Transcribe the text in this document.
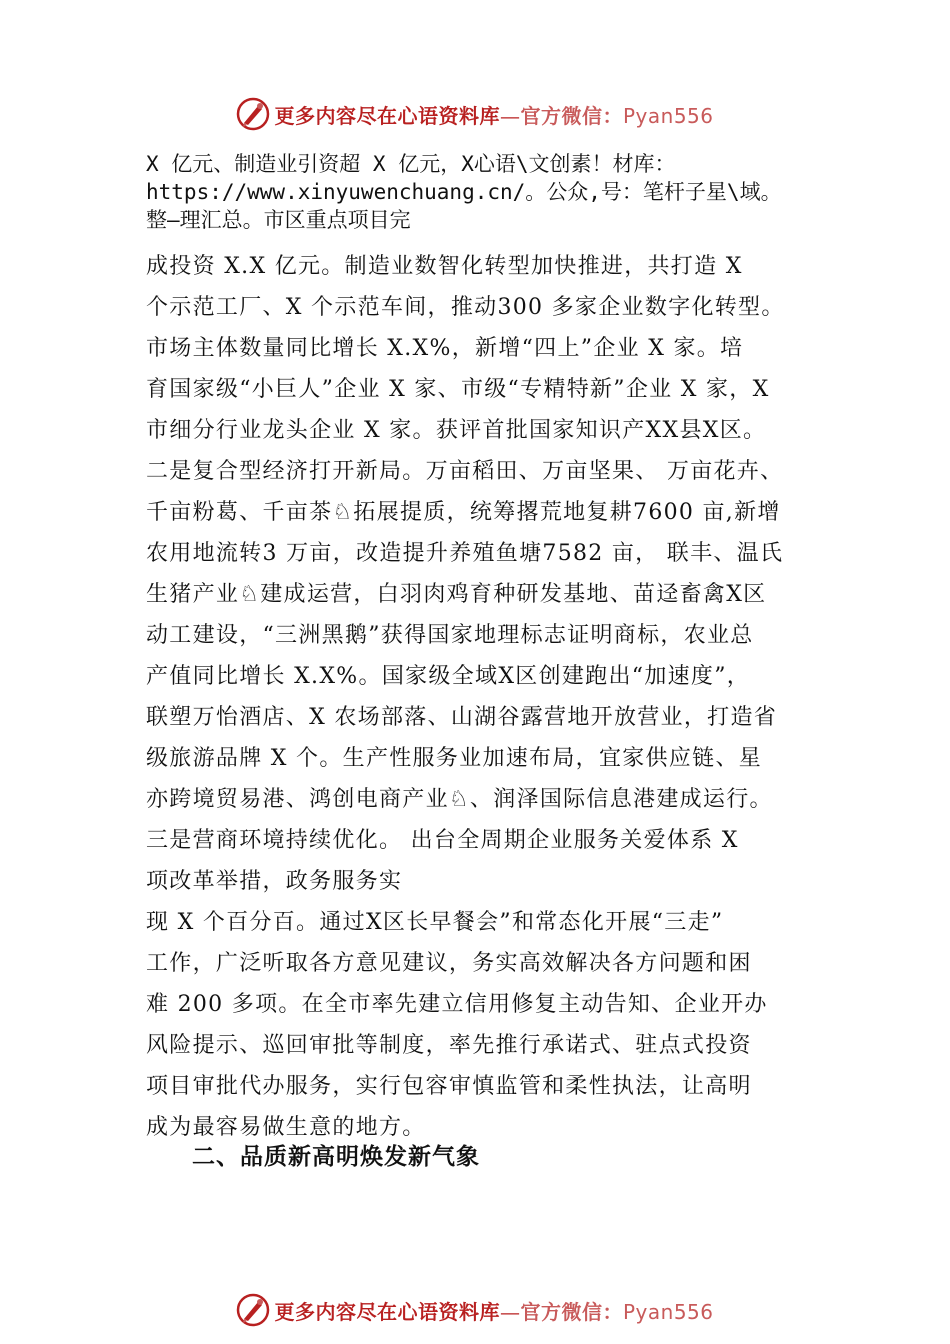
更多内容尽在心语资料库—官方微信：Pyan556
X 亿元、制造业引资超 X 亿元，X心语\文创素！材库：
https://www.xinyuwenchuang.cn/。公众,号：笔杆子星\域。
整—理汇总。市区重点项目完
成投资 X.X 亿元。制造业数智化转型加快推进，共打造 X
个示范工厂、X 个示范车间，推动300 多家企业数字化转型。
市场主体数量同比增长 X.X%，新增“四上”企业 X 家。培
育国家级“小巨人”企业 X 家、市级“专精特新”企业 X 家，X
市细分行业龙头企业 X 家。获评首批国家知识产XX县X区。
二是复合型经济打开新局。万亩稻田、万亩坚果、 万亩花卉、
千亩粉葛、千亩茶♘拓展提质，统筹撂荒地复耕7600 亩,新增
农用地流转3 万亩，改造提升养殖鱼塘7582 亩， 联丰、温氏
生猪产业♘建成运营，白羽肉鸡育种研发基地、苗迳畜禽X区
动工建设，“三洲黑鹅”获得国家地理标志证明商标，农业总
产值同比增长 X.X%。国家级全域X区创建跑出“加速度”，
联塑万怡酒店、X 农场部落、山湖谷露营地开放营业，打造省
级旅游品牌 X 个。生产性服务业加速布局，宜家供应链、星
亦跨境贸易港、鸿创电商产业♘、润泽国际信息港建成运行。
三是营商环境持续优化。 出台全周期企业服务关爱体系 X
项改革举措，政务服务实
现 X 个百分百。通过X区长早餐会”和常态化开展“三走”
工作，广泛听取各方意见建议，务实高效解决各方问题和困
难 200 多项。在全市率先建立信用修复主动告知、企业开办
风险提示、巡回审批等制度，率先推行承诺式、驻点式投资
项目审批代办服务，实行包容审慎监管和柔性执法，让高明
成为最容易做生意的地方。
二、品质新高明焕发新气象
更多内容尽在心语资料库—官方微信：Pyan556
